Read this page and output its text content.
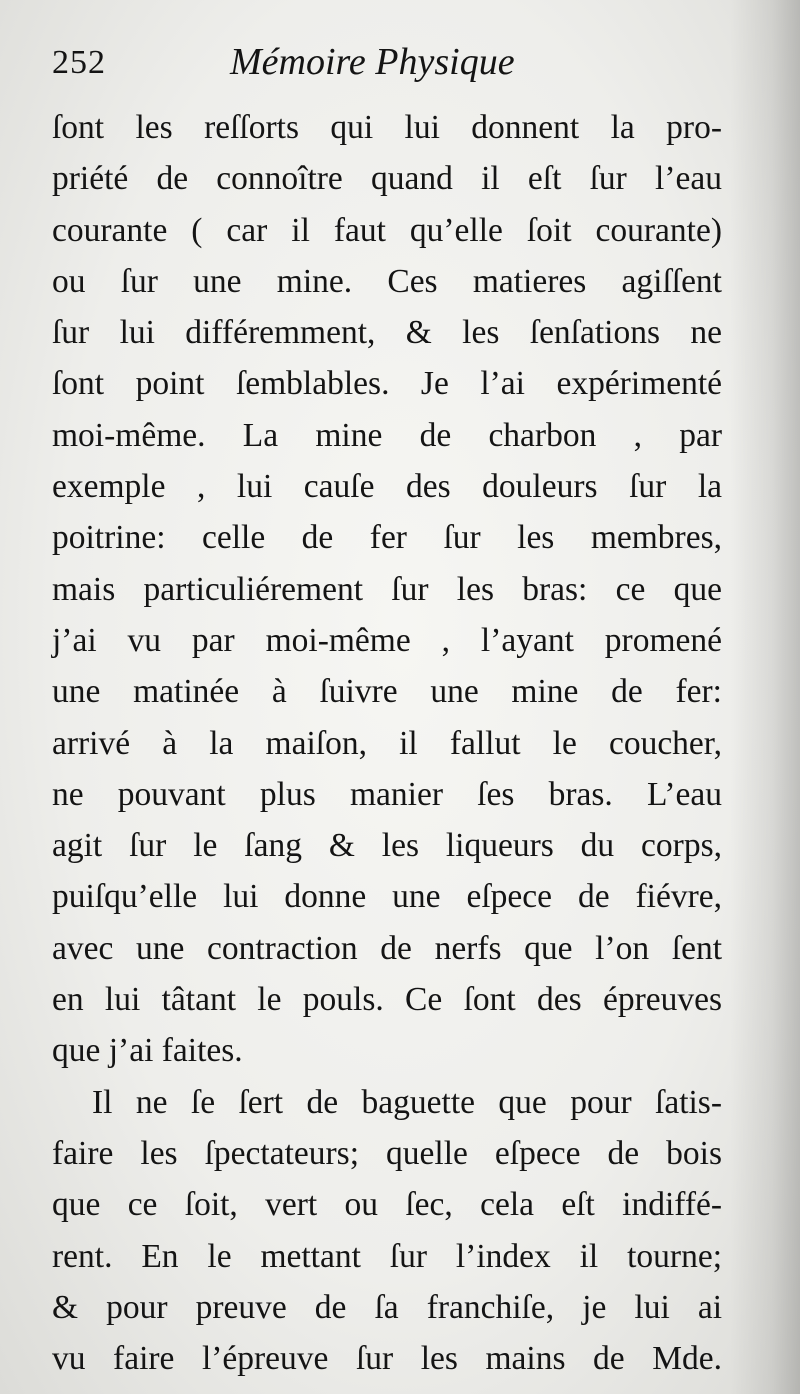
252	Mémoire Physique
ſont les reſſorts qui lui donnent la pro-
priété de connoître quand il eſt ſur l’eau
courante ( car il faut qu’elle ſoit courante)
ou ſur une mine. Ces matieres agiſſent
ſur lui différemment, & les ſenſations ne
ſont point ſemblables. Je l’ai expérimenté
moi-même. La mine de charbon , par
exemple , lui cauſe des douleurs ſur la
poitrine: celle de fer ſur les membres,
mais particuliérement ſur les bras: ce que
j’ai vu par moi-même , l’ayant promené
une matinée à ſuivre une mine de fer:
arrivé à la maiſon, il fallut le coucher,
ne pouvant plus manier ſes bras. L’eau
agit ſur le ſang & les liqueurs du corps,
puiſqu’elle lui donne une eſpece de fiévre,
avec une contraction de nerfs que l’on ſent
en lui tâtant le pouls. Ce ſont des épreuves
que j’ai faites.
Il ne ſe ſert de baguette que pour ſatis-
faire les ſpectateurs; quelle eſpece de bois
que ce ſoit, vert ou ſec, cela eſt indiffé-
rent. En le mettant ſur l’index il tourne;
& pour preuve de ſa franchiſe, je lui ai
vu faire l’épreuve ſur les mains de Mde.
